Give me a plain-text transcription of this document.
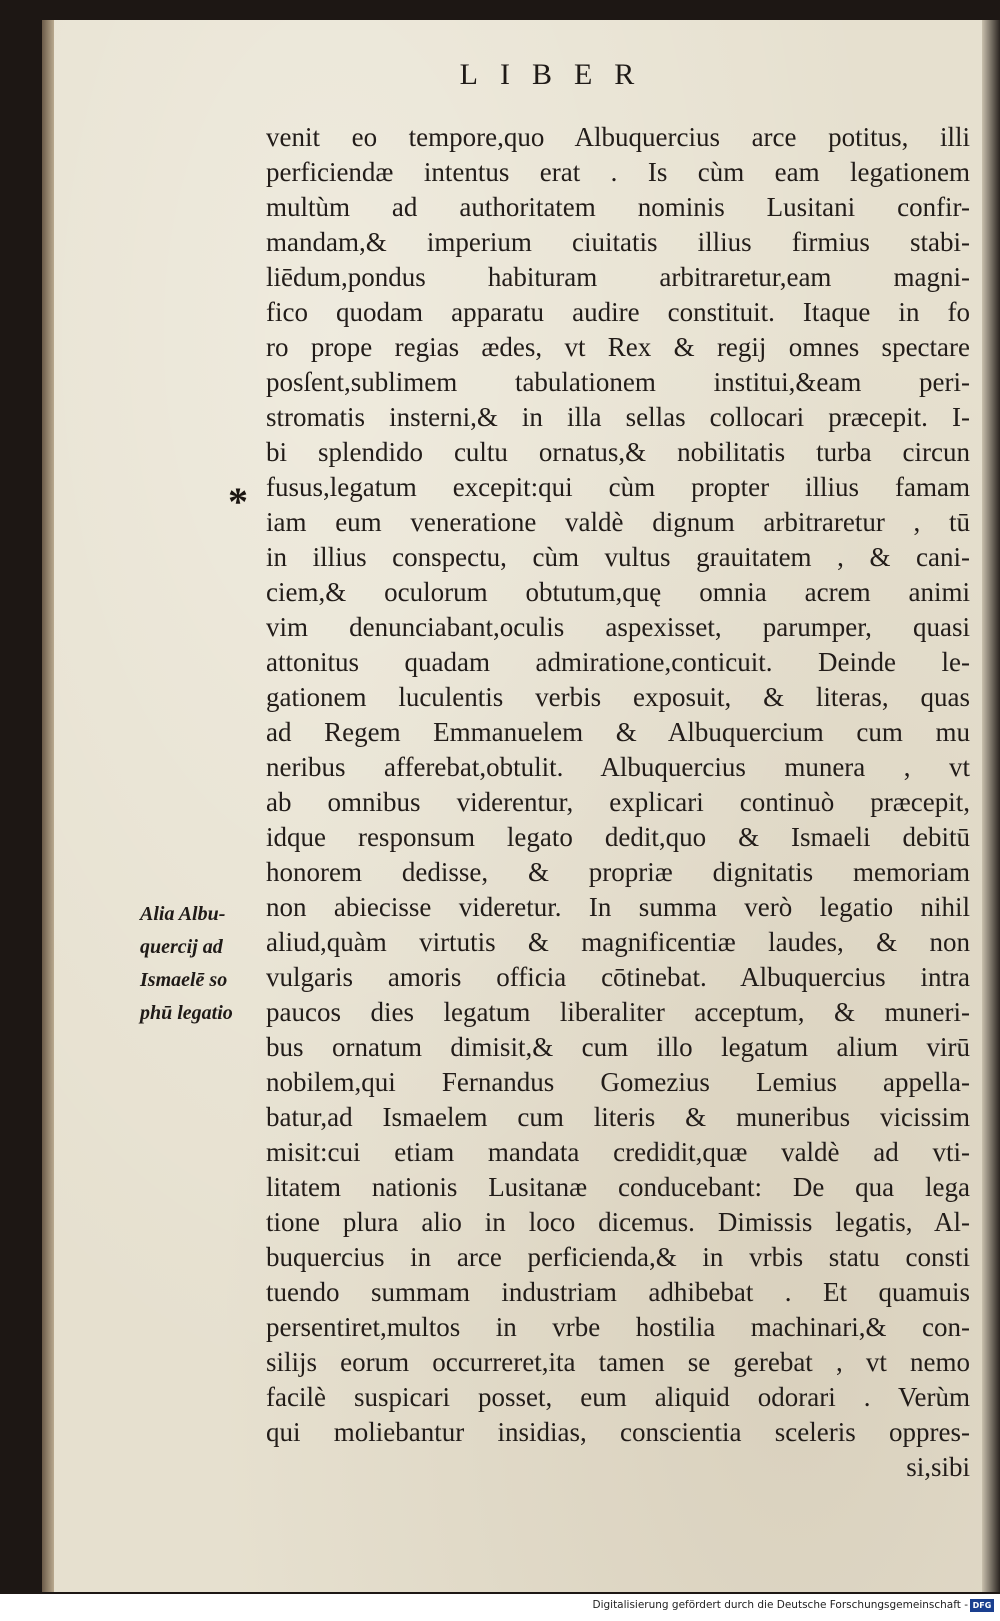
LIBER
*
Alia Albu-
quercij ad
Ismaelē so
phū legatio
venit eo tempore,quo Albuquercius arce potitus, illi
perficiendæ intentus erat . Is cùm eam legationem
multùm ad authoritatem nominis Lusitani confir-
mandam,& imperium ciuitatis illius firmius stabi-
liēdum,pondus habituram arbitraretur,eam magni-
fico quodam apparatu audire constituit. Itaque in fo
ro prope regias ædes, vt Rex & regij omnes spectare
posſent,sublimem tabulationem institui,&eam peri-
stromatis insterni,& in illa sellas collocari præcepit. I-
bi splendido cultu ornatus,& nobilitatis turba circun
fusus,legatum excepit:qui cùm propter illius famam
iam eum veneratione valdè dignum arbitraretur , tū
in illius conspectu, cùm vultus grauitatem , & cani-
ciem,& oculorum obtutum,quę omnia acrem animi
vim denunciabant,oculis aspexisset, parumper, quasi
attonitus quadam admiratione,conticuit. Deinde le-
gationem luculentis verbis exposuit, & literas, quas
ad Regem Emmanuelem & Albuquercium cum mu
neribus afferebat,obtulit. Albuquercius munera , vt
ab omnibus viderentur, explicari continuò præcepit,
idque responsum legato dedit,quo & Ismaeli debitū
honorem dedisse, & propriæ dignitatis memoriam
non abiecisse videretur. In summa verò legatio nihil
aliud,quàm virtutis & magnificentiæ laudes, & non
vulgaris amoris officia cōtinebat. Albuquercius intra
paucos dies legatum liberaliter acceptum, & muneri-
bus ornatum dimisit,& cum illo legatum alium virū
nobilem,qui Fernandus Gomezius Lemius appella-
batur,ad Ismaelem cum literis & muneribus vicissim
misit:cui etiam mandata credidit,quæ valdè ad vti-
litatem nationis Lusitanæ conducebant: De qua lega
tione plura alio in loco dicemus. Dimissis legatis, Al-
buquercius in arce perficienda,& in vrbis statu consti
tuendo summam industriam adhibebat . Et quamuis
persentiret,multos in vrbe hostilia machinari,& con-
silijs eorum occurreret,ita tamen se gerebat , vt nemo
facilè suspicari posset, eum aliquid odorari . Verùm
qui moliebantur insidias, conscientia sceleris oppres-
si,sibi
Digitalisierung gefördert durch die Deutsche Forschungsgemeinschaft - DFG
